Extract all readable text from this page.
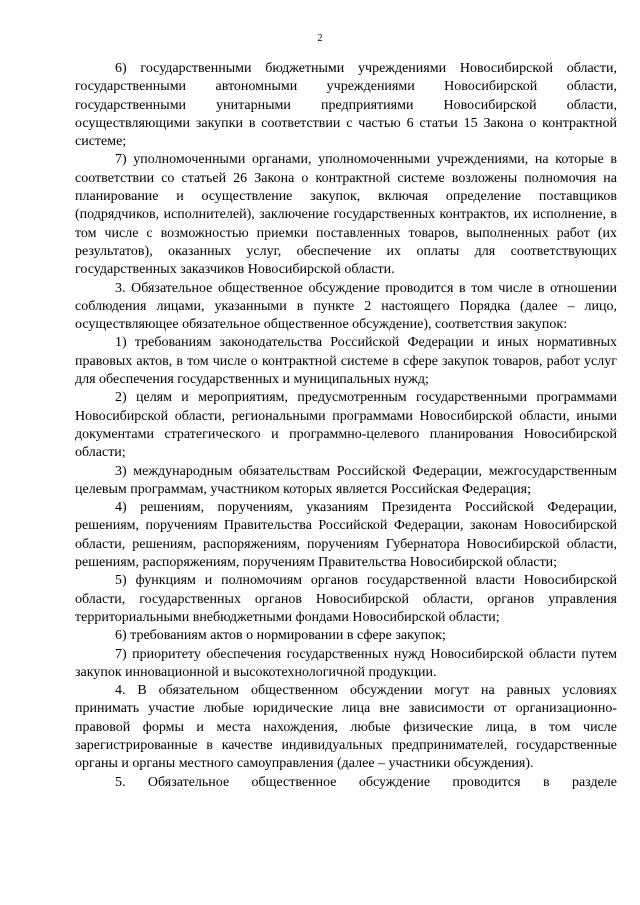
2

6) государственными бюджетными учреждениями Новосибирской области, государственными автономными учреждениями Новосибирской области, государственными унитарными предприятиями Новосибирской области, осуществляющими закупки в соответствии с частью 6 статьи 15 Закона о контрактной системе;

7) уполномоченными органами, уполномоченными учреждениями, на которые в соответствии со статьей 26 Закона о контрактной системе возложены полномочия на планирование и осуществление закупок, включая определение поставщиков (подрядчиков, исполнителей), заключение государственных контрактов, их исполнение, в том числе с возможностью приемки поставленных товаров, выполненных работ (их результатов), оказанных услуг, обеспечение их оплаты для соответствующих государственных заказчиков Новосибирской области.

3. Обязательное общественное обсуждение проводится в том числе в отношении соблюдения лицами, указанными в пункте 2 настоящего Порядка (далее – лицо, осуществляющее обязательное общественное обсуждение), соответствия закупок:

1) требованиям законодательства Российской Федерации и иных нормативных правовых актов, в том числе о контрактной системе в сфере закупок товаров, работ услуг для обеспечения государственных и муниципальных нужд;

2) целям и мероприятиям, предусмотренным государственными программами Новосибирской области, региональными программами Новосибирской области, иными документами стратегического и программно-целевого планирования Новосибирской области;

3) международным обязательствам Российской Федерации, межгосударственным целевым программам, участником которых является Российская Федерация;

4) решениям, поручениям, указаниям Президента Российской Федерации, решениям, поручениям Правительства Российской Федерации, законам Новосибирской области, решениям, распоряжениям, поручениям Губернатора Новосибирской области, решениям, распоряжениям, поручениям Правительства Новосибирской области;

5) функциям и полномочиям органов государственной власти Новосибирской области, государственных органов Новосибирской области, органов управления территориальными внебюджетными фондами Новосибирской области;

6) требованиям актов о нормировании в сфере закупок;

7) приоритету обеспечения государственных нужд Новосибирской области путем закупок инновационной и высокотехнологичной продукции.

4. В обязательном общественном обсуждении могут на равных условиях принимать участие любые юридические лица вне зависимости от организационно-правовой формы и места нахождения, любые физические лица, в том числе зарегистрированные в качестве индивидуальных предпринимателей, государственные органы и органы местного самоуправления (далее – участники обсуждения).

5. Обязательное общественное обсуждение проводится в разделе
